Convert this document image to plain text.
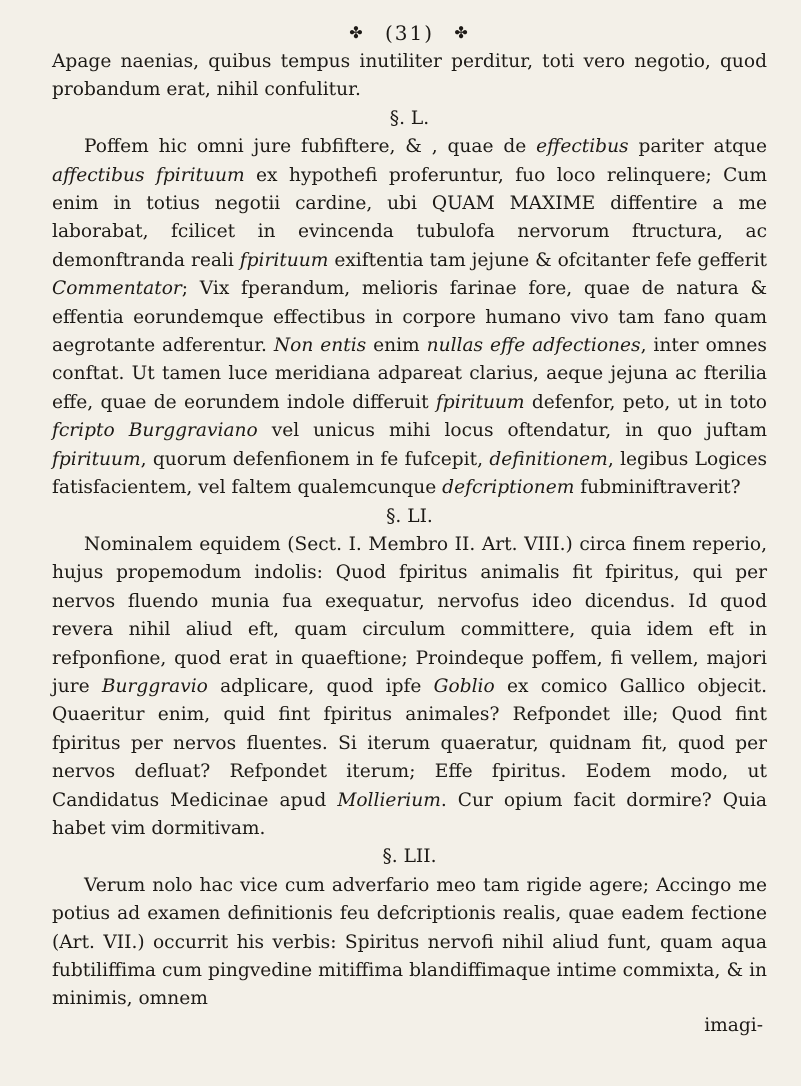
✤ (31) ✤

Apage naenias, quibus tempus inutiliter perditur, toti vero negotio, quod probandum erat, nihil confulitur.

§. L.

Poffem hic omni jure fubfiftere, & , quae de effectibus pariter atque affectibus fpirituum ex hypothefi proferuntur, fuo loco relinquere; Cum enim in totius negotii cardine, ubi QUAM MAXIME diffentire a me laborabat, fcilicet in evincenda tubulofa nervorum ftructura, ac demonftranda reali fpirituum exiftentia tam jejune & ofcitanter fefe gefferit Commentator; Vix fperandum, melioris farinae fore, quae de natura & effentia eorundemque effectibus in corpore humano vivo tam fano quam aegrotante adferentur. Non entis enim nullas effe adfectiones, inter omnes conftat. Ut tamen luce meridiana adpareat clarius, aeque jejuna ac fterilia effe, quae de eorundem indole differuit fpirituum defenfor, peto, ut in toto fcripto Burggraviano vel unicus mihi locus oftendatur, in quo juftam fpirituum, quorum defenfionem in fe fufcepit, definitionem, legibus Logices fatisfacientem, vel faltem qualemcunque defcriptionem fubminiftraverit?

§. LI.

Nominalem equidem (Sect. I. Membro II. Art. VIII.) circa finem reperio, hujus propemodum indolis: Quod fpiritus animalis fit fpiritus, qui per nervos fluendo munia fua exequatur, nervofus ideo dicendus. Id quod revera nihil aliud eft, quam circulum committere, quia idem eft in refponfione, quod erat in quaeftione; Proindeque poffem, fi vellem, majori jure Burggravio adplicare, quod ipfe Goblio ex comico Gallico objecit. Quaeritur enim, quid fint fpiritus animales? Refpondet ille; Quod fint fpiritus per nervos fluentes. Si iterum quaeratur, quidnam fit, quod per nervos defluat? Refpondet iterum; Effe fpiritus. Eodem modo, ut Candidatus Medicinae apud Mollierium. Cur opium facit dormire? Quia habet vim dormitivam.

§. LII.

Verum nolo hac vice cum adverfario meo tam rigide agere; Accingo me potius ad examen definitionis feu defcriptionis realis, quae eadem fectione (Art. VII.) occurrit his verbis: Spiritus nervofi nihil aliud funt, quam aqua fubtiliffima cum pingvedine mitiffima blandiffimaque intime commixta, & in minimis, omnem

imagi-
